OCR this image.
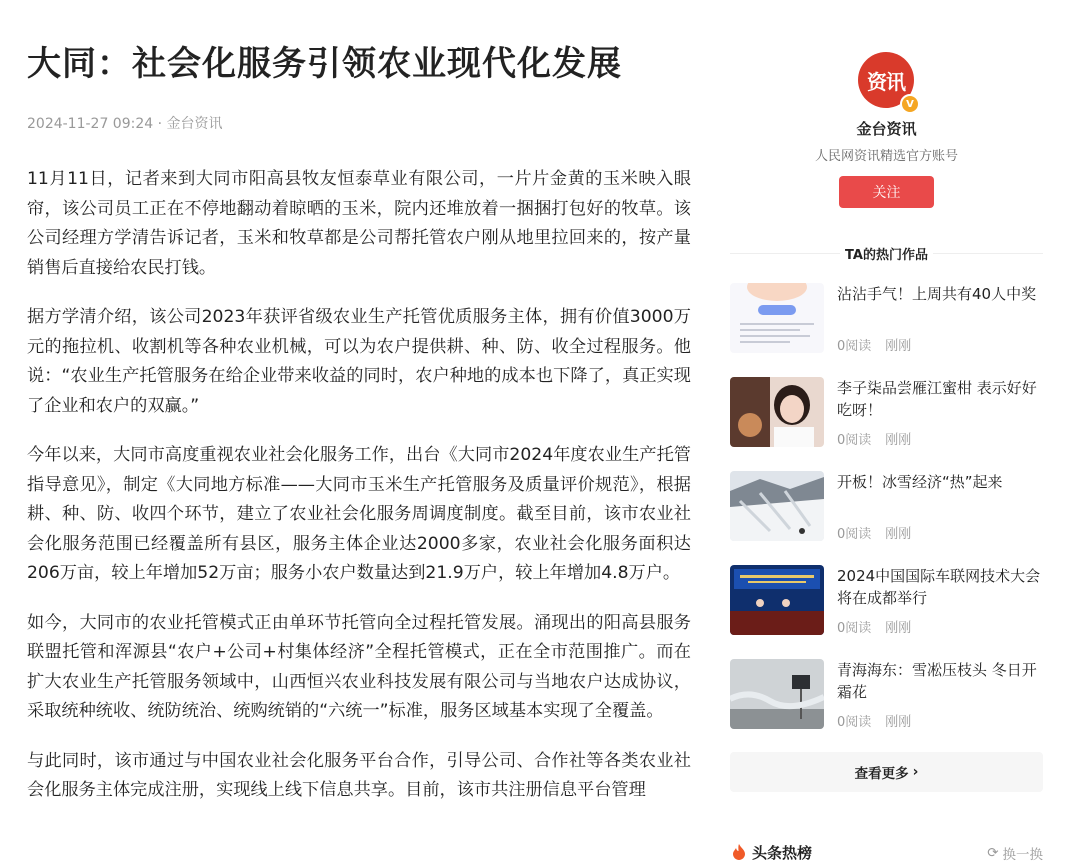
大同：社会化服务引领农业现代化发展
2024-11-27 09:24 · 金台资讯

11月11日，记者来到大同市阳高县牧友恒泰草业有限公司，一片片金黄的玉米映入眼帘，该公司员工正在不停地翻动着晾晒的玉米，院内还堆放着一捆捆打包好的牧草。该公司经理方学清告诉记者，玉米和牧草都是公司帮托管农户刚从地里拉回来的，按产量销售后直接给农民打钱。

据方学清介绍，该公司2023年获评省级农业生产托管优质服务主体，拥有价值3000万元的拖拉机、收割机等各种农业机械，可以为农户提供耕、种、防、收全过程服务。他说：“农业生产托管服务在给企业带来收益的同时，农户种地的成本也下降了，真正实现了企业和农户的双赢。”

今年以来，大同市高度重视农业社会化服务工作，出台《大同市2024年度农业生产托管指导意见》，制定《大同地方标准——大同市玉米生产托管服务及质量评价规范》，根据耕、种、防、收四个环节，建立了农业社会化服务周调度制度。截至目前，该市农业社会化服务范围已经覆盖所有县区，服务主体企业达2000多家，农业社会化服务面积达206万亩，较上年增加52万亩；服务小农户数量达到21.9万户，较上年增加4.8万户。

如今，大同市的农业托管模式正由单环节托管向全过程托管发展。涌现出的阳高县服务联盟托管和浑源县“农户+公司+村集体经济”全程托管模式，正在全市范围推广。而在扩大农业生产托管服务领域中，山西恒兴农业科技发展有限公司与当地农户达成协议，采取统种统收、统防统治、统购统销的“六统一”标准，服务区域基本实现了全覆盖。

与此同时，该市通过与中国农业社会化服务平台合作，引导公司、合作社等各类农业社会化服务主体完成注册，实现线上线下信息共享。目前，该市共注册信息平台管理

资讯
V
金台资讯
人民网资讯精选官方账号
关注
TA的热门作品
沾沾手气！上周共有40人中奖
0阅读 刚刚
李子柒品尝雁江蜜柑 表示好好吃呀！
0阅读 刚刚
开板！冰雪经济“热”起来
0阅读 刚刚
2024中国国际车联网技术大会将在成都举行
0阅读 刚刚
青海海东：雪凇压枝头 冬日开霜花
0阅读 刚刚
查看更多 ›
头条热榜	⟳ 换一换
